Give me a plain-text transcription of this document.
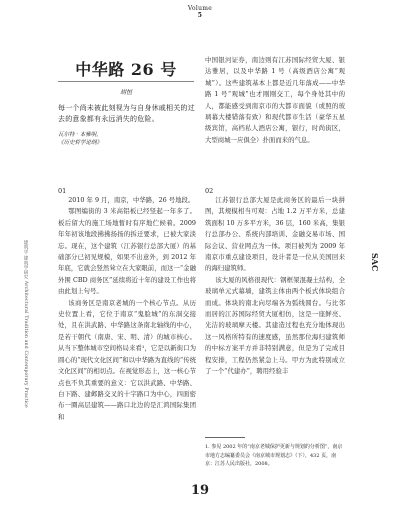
Volume
5
中华路 26 号
胡恒
每一个尚未被此刻视为与自身休戚相关的过去的意象都有永远消失的危险。
瓦尔特 · 本雅明，
《历史哲学论纲》

中国银河证券，南边则有江苏国际经贸大厦、银达雅居，以及中华路 1 号（高级酒店公寓“观城”）。这些建筑基本上都是近几年落成——中华路 1 号“观城”也才刚刚交工，每个身处其中的人，都能感受到南京市的大都市面貌（或照的玻璃幕大楼错落有致）和现代都市生活（豪华五星级宾馆，高档私人酒店公寓，银行，时尚街区，大型商城一应俱全）扑面而来的气息。

01

2010 年 9 月，南京，中华路，26 号地段。

鄂图编街的 3 米高铝板已经竖起一年多了。板后留大的施工场地暂时有序地伫候着。2009 年年初该地段拂拂扬扬的拆迁要求，已被大家淡忘。现在，这个建筑（江苏银行总部大厦）的基础部分已初见规模，如果不出意外，到 2012 年年底，它就会竖然耸立在大家眼前，而这一“金融外围 CBD 商务区”延续将近十年的建设工作也将由此划上句号。

该商务区是南京老城的一个核心节点。从历史位置上看，它位于南京“鬼脸城”的东洞交接处，且在洪武路、中华路这条南北轴线的中心，是若干朝代（南唐、宋、明、清）的城市核心。从当下整体城市空间格局来看¹，它是以新街口为圆心的“现代文化区间”和以中华路为直线的“传统文化区间”的相切点。在视觉形态上，这一核心节点也不负其重要的意义：它以洪武路、中华路、白下路、建邺路交叉的十字路口为中心，四面密布一圈高层建筑——路口北边的是汇鸿国际集团和

02

江苏银行总部大厦是此商务区的最后一块拼图，其规模相当可观：占地 1.2 万平方米，总建筑面积 10 万多平方米，36 层，160 米高，集银行总部办公、系统内部培训、金融交易市场、国际会议、营业网点为一体。项目被列为 2009 年南京市重点建设项目，设计者是一位从美国回来的海归建筑师。

该大厦的风格很现代：钢框架混凝土结构，全玻璃单元式幕墙，建筑主体由两个板式体块组合而成。体块的南北向尽端各为弧线圆台。与比邻而居的江苏国际经贸大厦相仿，这是一座鲜亮、光洁的玻璃摩天楼。其建造过程也充分地体现出这一风格所特有的速度感，虽然那位海归建筑师的中标方案平方并非特别满意，但是为了完成目程安排，工程仍然紧急上马。甲方为此特别成立了一个“代建办”，聘用经验丰

1. 参见 2002 年的“南京老城保护更新与规划的分析图”，南京市地方志编纂委员会《南京城市规划志》（下），432 页，南京：江苏人民出版社，2008。
19
建筑学 建筑学研究 Architectural Tradition and Contemporary Practice	SAC
